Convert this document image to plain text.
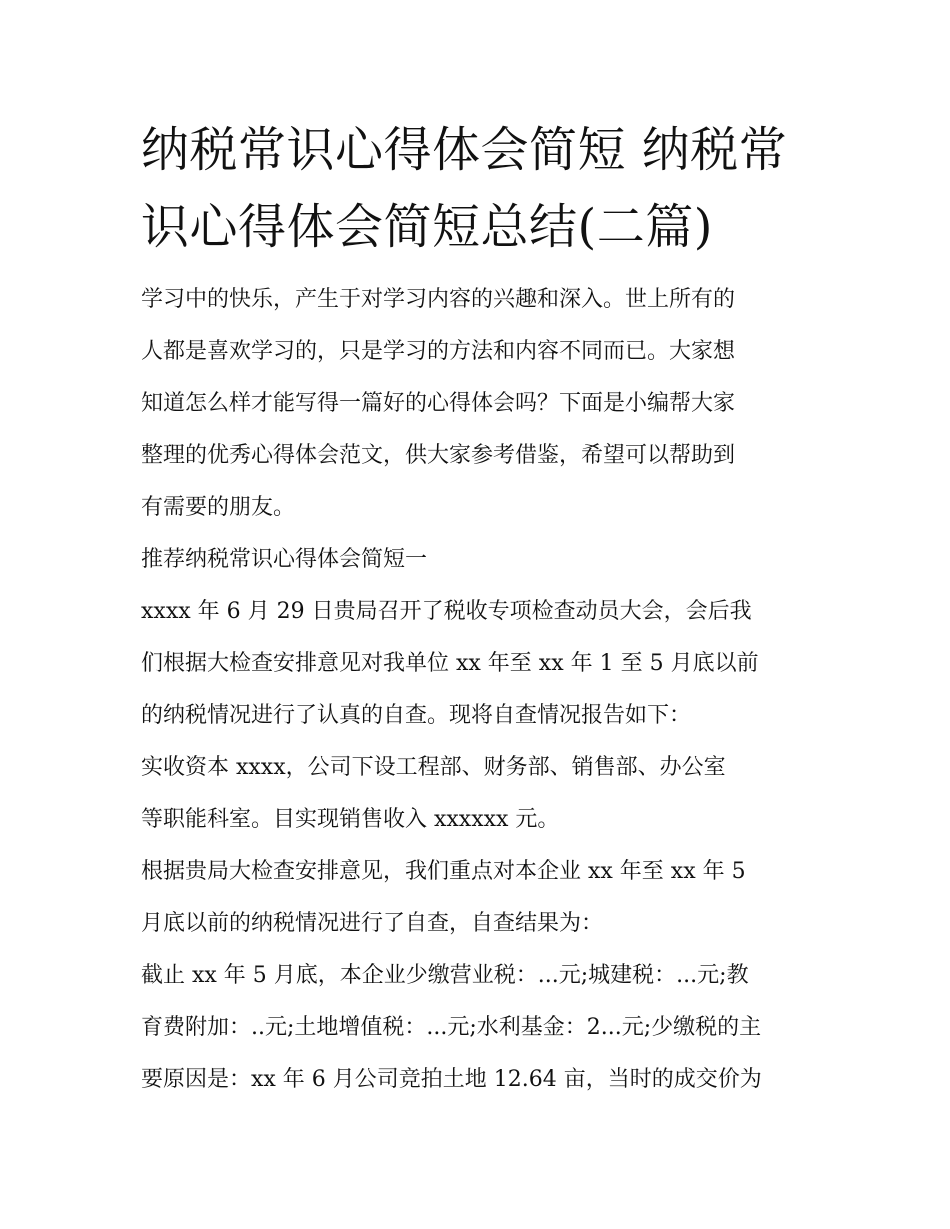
纳税常识心得体会简短 纳税常
识心得体会简短总结(二篇)

学习中的快乐，产生于对学习内容的兴趣和深入。世上所有的

人都是喜欢学习的，只是学习的方法和内容不同而已。大家想

知道怎么样才能写得一篇好的心得体会吗？下面是小编帮大家

整理的优秀心得体会范文，供大家参考借鉴，希望可以帮助到

有需要的朋友。

推荐纳税常识心得体会简短一

xxxx 年 6 月 29 日贵局召开了税收专项检查动员大会，会后我

们根据大检查安排意见对我单位 xx 年至 xx 年 1 至 5 月底以前

的纳税情况进行了认真的自查。现将自查情况报告如下：

实收资本 xxxx，公司下设工程部、财务部、销售部、办公室

等职能科室。目实现销售收入 xxxxxx 元。

根据贵局大检查安排意见，我们重点对本企业 xx 年至 xx 年 5

月底以前的纳税情况进行了自查，自查结果为：

截止 xx 年 5 月底，本企业少缴营业税：...元;城建税：...元;教

育费附加：..元;土地增值税：...元;水利基金：2...元;少缴税的主

要原因是：xx 年 6 月公司竞拍土地 12.64 亩，当时的成交价为
